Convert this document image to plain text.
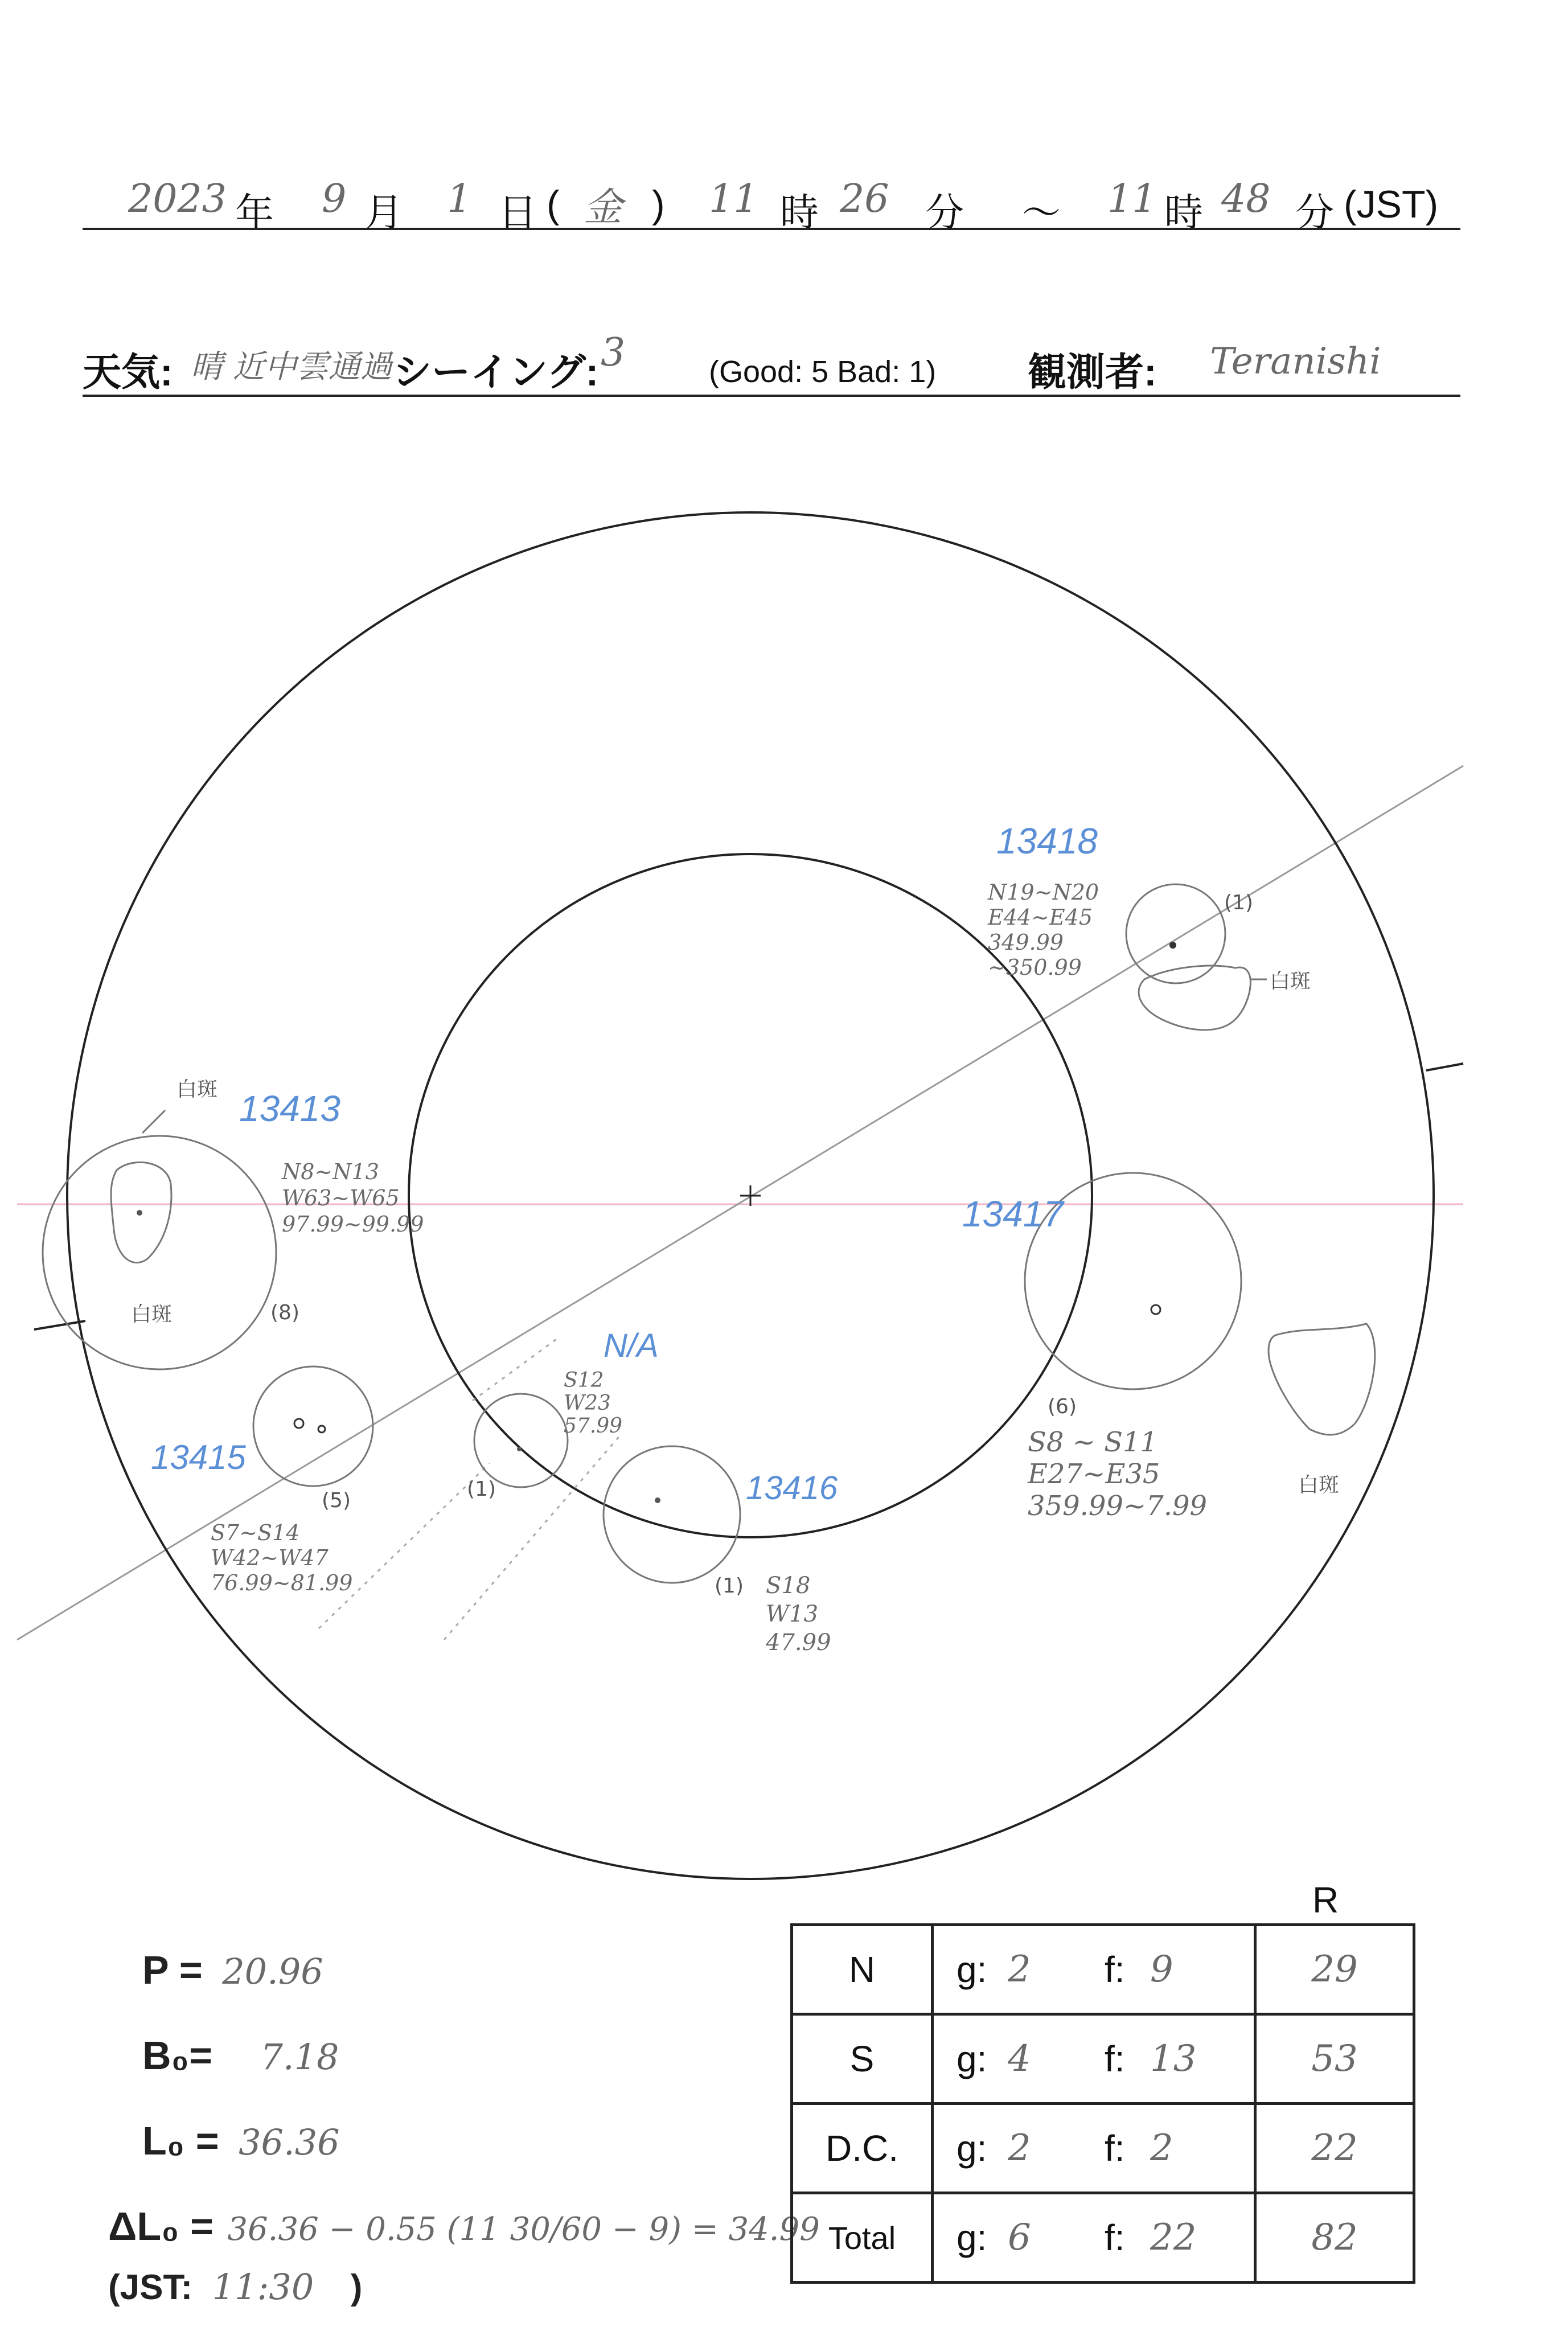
2023 年 9 月 1 日 ( 金 ) 11 時 26 分 ～ 11 時 48 分 (JST)
天気: 晴 近中雲通過 シーイング: 3	(Good: 5 Bad: 1) 観測者: Teranishi
13418
N19~N20
E44~E45
349.99
~350.99
(1)
白斑
13413
N8~N13
W63~W65
97.99~99.99
(8)
白斑
白斑
13417
(6)
S8 ~ S11
E27~E35
359.99~7.99
白斑
13415
(5)
S7~S14
W42~W47
76.99~81.99
N/A
S12
W23
57.99
(1)	13416
(1) S18
W13
47.99
P = 20.96
B₀= 7.18
L₀ = 36.36
ΔL₀ = 36.36 − 0.55 (11 30/60 − 9) = 34.99
(JST: 11:30 )
R
N	g: 2 f: 9	29
S	g: 4 f: 13	53
D.C.	g: 2 f: 2	22
Total	g: 6 f: 22	82
